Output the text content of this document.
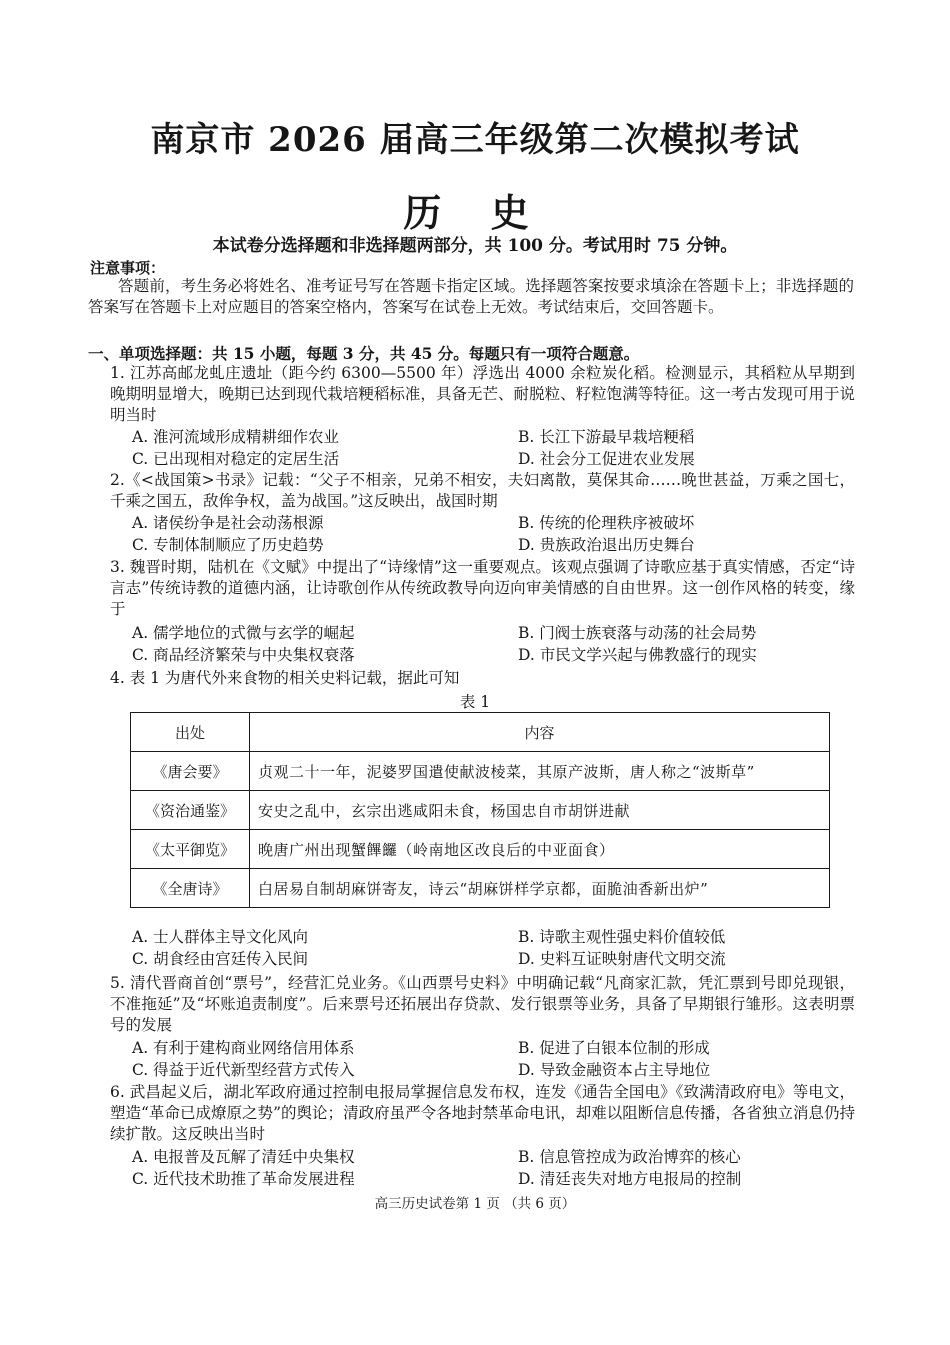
南京市 2026 届高三年级第二次模拟考试
历 史
本试卷分选择题和非选择题两部分，共 100 分。考试用时 75 分钟。
注意事项：
答题前，考生务必将姓名、准考证号写在答题卡指定区域。选择题答案按要求填涂在答题卡上；非选择题的答案写在答题卡上对应题目的答案空格内，答案写在试卷上无效。考试结束后，交回答题卡。
一、单项选择题：共 15 小题，每题 3 分，共 45 分。每题只有一项符合题意。
1. 江苏高邮龙虬庄遗址（距今约 6300—5500 年）浮选出 4000 余粒炭化稻。检测显示，其稻粒从早期到晚期明显增大，晚期已达到现代栽培粳稻标准，具备无芒、耐脱粒、籽粒饱满等特征。这一考古发现可用于说明当时
A. 淮河流域形成精耕细作农业	B. 长江下游最早栽培粳稻
C. 已出现相对稳定的定居生活	D. 社会分工促进农业发展
2.《<战国策>书录》记载：“父子不相亲，兄弟不相安，夫妇离散，莫保其命……晚世甚益，万乘之国七，千乘之国五，敌侔争权，盖为战国。”这反映出，战国时期
A. 诸侯纷争是社会动荡根源	B. 传统的伦理秩序被破坏
C. 专制体制顺应了历史趋势	D. 贵族政治退出历史舞台
3. 魏晋时期，陆机在《文赋》中提出了“诗缘情”这一重要观点。该观点强调了诗歌应基于真实情感，否定“诗言志”传统诗教的道德内涵，让诗歌创作从传统政教导向迈向审美情感的自由世界。这一创作风格的转变，缘于
A. 儒学地位的式微与玄学的崛起	B. 门阀士族衰落与动荡的社会局势
C. 商品经济繁荣与中央集权衰落	D. 市民文学兴起与佛教盛行的现实
4. 表 1 为唐代外来食物的相关史料记载，据此可知
表 1
出处	内容
《唐会要》	贞观二十一年，泥婆罗国遣使献波棱菜，其原产波斯，唐人称之“波斯草”
《资治通鉴》	安史之乱中，玄宗出逃咸阳未食，杨国忠自市胡饼进献
《太平御览》	晚唐广州出现蟹饆饠（岭南地区改良后的中亚面食）
《全唐诗》	白居易自制胡麻饼寄友，诗云“胡麻饼样学京都，面脆油香新出炉”
A. 士人群体主导文化风向	B. 诗歌主观性强史料价值较低
C. 胡食经由宫廷传入民间	D. 史料互证映射唐代文明交流
5. 清代晋商首创“票号”，经营汇兑业务。《山西票号史料》中明确记载“凡商家汇款，凭汇票到号即兑现银，不准拖延”及“坏账追责制度”。后来票号还拓展出存贷款、发行银票等业务，具备了早期银行雏形。这表明票号的发展
A. 有利于建构商业网络信用体系	B. 促进了白银本位制的形成
C. 得益于近代新型经营方式传入	D. 导致金融资本占主导地位
6. 武昌起义后，湖北军政府通过控制电报局掌握信息发布权，连发《通告全国电》《致满清政府电》等电文，塑造“革命已成燎原之势”的舆论；清政府虽严令各地封禁革命电讯，却难以阻断信息传播，各省独立消息仍持续扩散。这反映出当时
A. 电报普及瓦解了清廷中央集权	B. 信息管控成为政治博弈的核心
C. 近代技术助推了革命发展进程	D. 清廷丧失对地方电报局的控制
高三历史试卷第 1 页 （共 6 页）
